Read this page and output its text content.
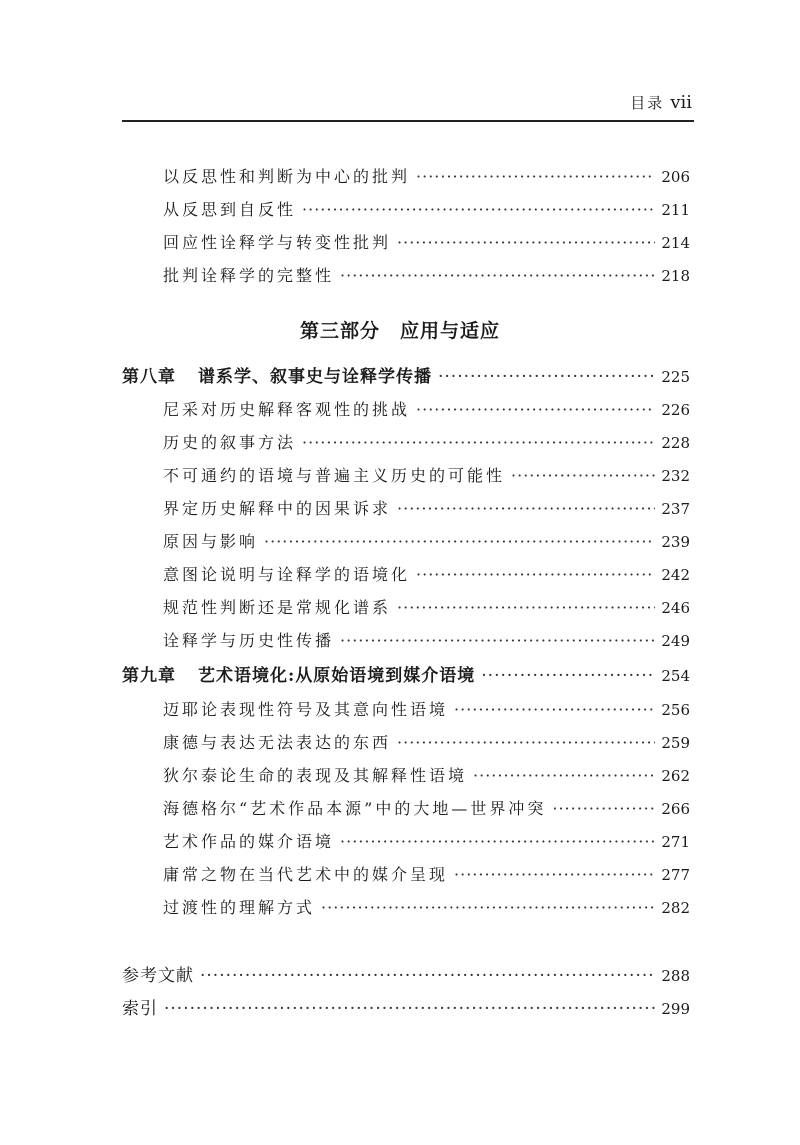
目录 vii
以反思性和判断为中心的批判 ·····	206
从反思到自反性 ·····	211
回应性诠释学与转变性批判 ·····	214
批判诠释学的完整性 ·····	218
第三部分 应用与适应
第八章 谱系学、叙事史与诠释学传播 ·····	225
尼采对历史解释客观性的挑战 ·····	226
历史的叙事方法 ·····	228
不可通约的语境与普遍主义历史的可能性 ·····	232
界定历史解释中的因果诉求 ·····	237
原因与影响 ·····	239
意图论说明与诠释学的语境化 ·····	242
规范性判断还是常规化谱系 ·····	246
诠释学与历史性传播 ·····	249
第九章 艺术语境化:从原始语境到媒介语境 ·····	254
迈耶论表现性符号及其意向性语境 ·····	256
康德与表达无法表达的东西 ·····	259
狄尔泰论生命的表现及其解释性语境 ·····	262
海德格尔“艺术作品本源”中的大地—世界冲突 ·····	266
艺术作品的媒介语境 ·····	271
庸常之物在当代艺术中的媒介呈现 ·····	277
过渡性的理解方式 ·····	282
参考文献 ·····	288
索引 ·····	299
